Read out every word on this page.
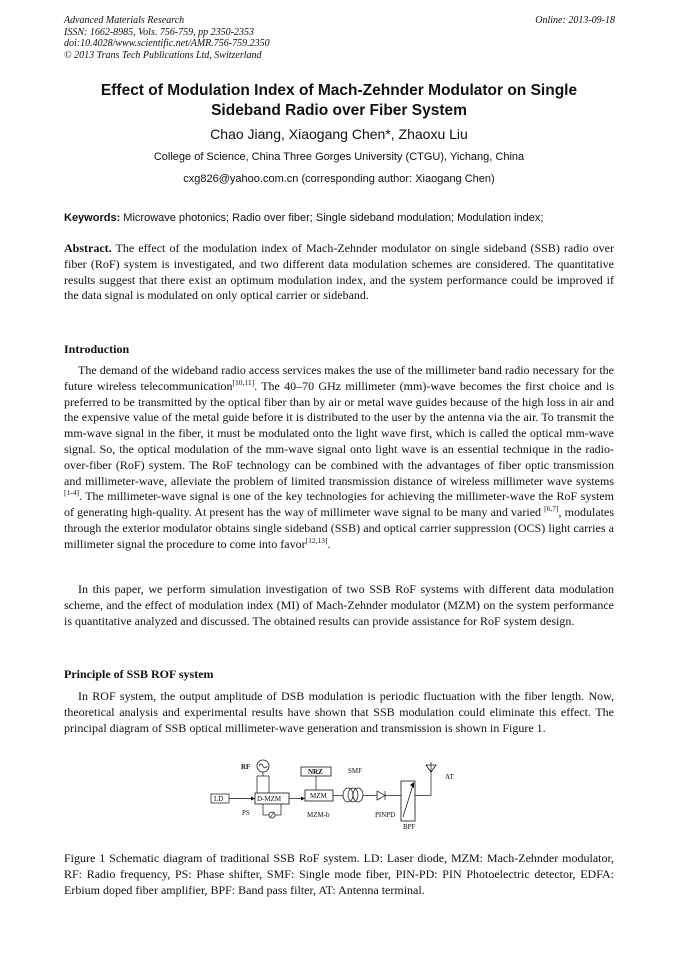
Advanced Materials Research
ISSN: 1662-8985, Vols. 756-759, pp 2350-2353
doi:10.4028/www.scientific.net/AMR.756-759.2350
© 2013 Trans Tech Publications Ltd, Switzerland
Online: 2013-09-18
Effect of Modulation Index of Mach-Zehnder Modulator on Single Sideband Radio over Fiber System
Chao Jiang, Xiaogang Chen*, Zhaoxu Liu
College of Science, China Three Gorges University (CTGU), Yichang, China
cxg826@yahoo.com.cn (corresponding author: Xiaogang Chen)
Keywords: Microwave photonics; Radio over fiber; Single sideband modulation; Modulation index;

Abstract. The effect of the modulation index of Mach-Zehnder modulator on single sideband (SSB) radio over fiber (RoF) system is investigated, and two different data modulation schemes are considered. The quantitative results suggest that there exist an optimum modulation index, and the system performance could be improved if the data signal is modulated on only optical carrier or sideband.

Introduction

The demand of the wideband radio access services makes the use of the millimeter band radio necessary for the future wireless telecommunication[10,11]. The 40–70 GHz millimeter (mm)-wave becomes the first choice and is preferred to be transmitted by the optical fiber than by air or metal wave guides because of the high loss in air and the expensive value of the metal guide before it is distributed to the user by the antenna via the air. To transmit the mm-wave signal in the fiber, it must be modulated onto the light wave first, which is called the optical mm-wave signal. So, the optical modulation of the mm-wave signal onto light wave is an essential technique in the radio-over-fiber (RoF) system. The RoF technology can be combined with the advantages of fiber optic transmission and millimeter-wave, alleviate the problem of limited transmission distance of wireless millimeter wave systems [1-4]. The millimeter-wave signal is one of the key technologies for achieving the millimeter-wave the RoF system of generating high-quality. At present has the way of millimeter wave signal to be many and varied [6,7], modulates through the exterior modulator obtains single sideband (SSB) and optical carrier suppression (OCS) light carries a millimeter signal the procedure to come into favor[12,13].

In this paper, we perform simulation investigation of two SSB RoF systems with different data modulation scheme, and the effect of modulation index (MI) of Mach-Zehnder modulator (MZM) on the system performance is quantitative analyzed and discussed. The obtained results can provide assistance for RoF system design.

Principle of SSB ROF system

In ROF system, the output amplitude of DSB modulation is periodic fluctuation with the fiber length. Now, theoretical analysis and experimental results have shown that SSB modulation could eliminate this effect. The principal diagram of SSB optical millimeter-wave generation and transmission is shown in Figure 1.

RF
LD	D-MZM
PS
NRZ
MZM
MZM-b
SMF
PINPD
BPF
AT

Figure 1 Schematic diagram of traditional SSB RoF system. LD: Laser diode, MZM: Mach-Zehnder modulator, RF: Radio frequency, PS: Phase shifter, SMF: Single mode fiber, PIN-PD: PIN Photoelectric detector, EDFA: Erbium doped fiber amplifier, BPF: Band pass filter, AT: Antenna terminal.
